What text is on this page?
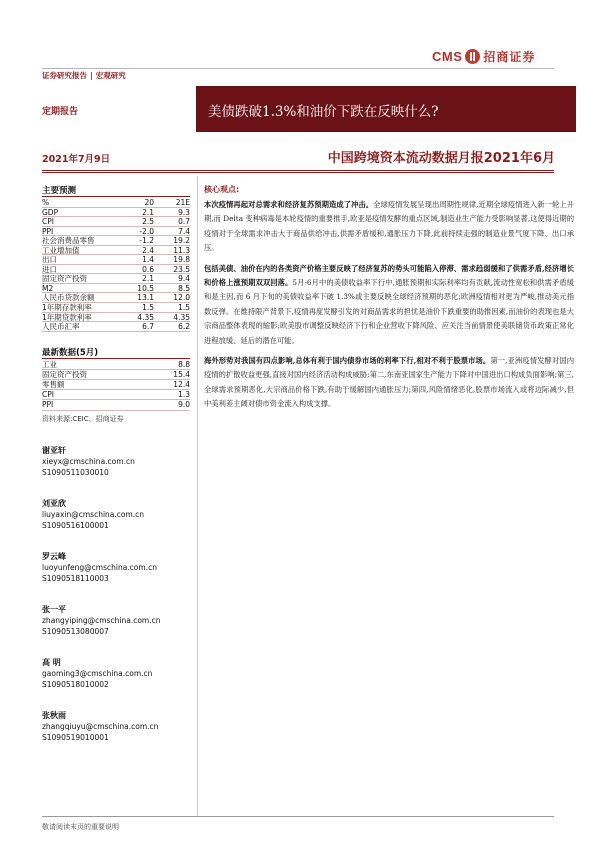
证券研究报告 | 宏观研究
CMS 招商证券
定期报告	美债跌破1.3%和油价下跌在反映什么?
2021年7月9日	中国跨境资本流动数据月报2021年6月
主要预测
%	20	21E
GDP	2.1	9.3
CPI	2.5	0.7
PPI	-2.0	7.4
社会消费品零售	-1.2	19.2
工业增加值	2.4	11.3
出口	1.4	19.8
进口	0.6	23.5
固定资产投资	2.1	9.4
M2	10.5	8.5
人民币贷款余额	13.1	12.0
1年期存款利率	1.5	1.5
1年期贷款利率	4.35	4.35
人民币汇率	6.7	6.2
最新数据(5月)
工业	8.8
固定资产投资	15.4
零售额	12.4
CPI	1.3
PPI	9.0
资料来源:CEIC、招商证券
谢亚轩
xieyx@cmschina.com.cn
S1090511030010
刘亚欣
liuyaxin@cmschina.com.cn
S1090516100001
罗云峰
luoyunfeng@cmschina.com.cn
S1090518110003
张一平
zhangyiping@cmschina.com.cn
S1090513080007
高 明
gaoming3@cmschina.com.cn
S1090518010002
张秋雨
zhangqiuyu@cmschina.com.cn
S1090519010001
核心观点:

本次疫情再起对总需求和经济复苏预期造成了冲击。全球疫情发展呈现出周期性规律,近期全球疫情进入新一轮上升期,而 Delta 变种病毒是本轮疫情的重要推手,欧亚是疫情发酵的重点区域,制造业生产能力受影响显著,这使得近期的疫情对于全球需求冲击大于商品供给冲击,供需矛盾缓和,通胀压力下降,此前持续走强的制造业景气度下降、出口承压。

包括美债、油价在内的各类资产价格主要反映了经济复苏的势头可能陷入停滞、需求趋弱缓和了供需矛盾,经济增长和价格上涨预期双双回落。5月-6月中的美债收益率下行中,通胀预期和实际利率均有贡献,流动性宽松和供需矛盾缓和是主因,而 6 月下旬的美债收益率下破 1.3%或主要反映全球经济预期的恶化;欧洲疫情相对更为严峻,推动美元指数反弹。在维持限产背景下,疫情再度发酵引发的对商品需求的担忧是油价下跌重要的助推因素,而油价的表现也是大宗商品整体表现的缩影;欧美股市调整反映经济下行和企业营收下降风险、应关注当前情景使美联储货币政策正常化进程放缓、延后的潜在可能。

海外形势对我国有四点影响,总体有利于国内债券市场的利率下行,相对不利于股票市场。第一,亚洲疫情发酵对国内疫情的扩散收益更强,直接对国内经济活动构成威胁;第二,东南亚国家生产能力下降对中国进出口构成负面影响;第三,全球需求预期恶化,大宗商品价格下跌,有助于缓解国内通胀压力;第四,风险情绪恶化,股票市场流入或将边际减少,但中美利差主阔对债市资金流入构成支撑。

敬请阅读末页的重要说明
